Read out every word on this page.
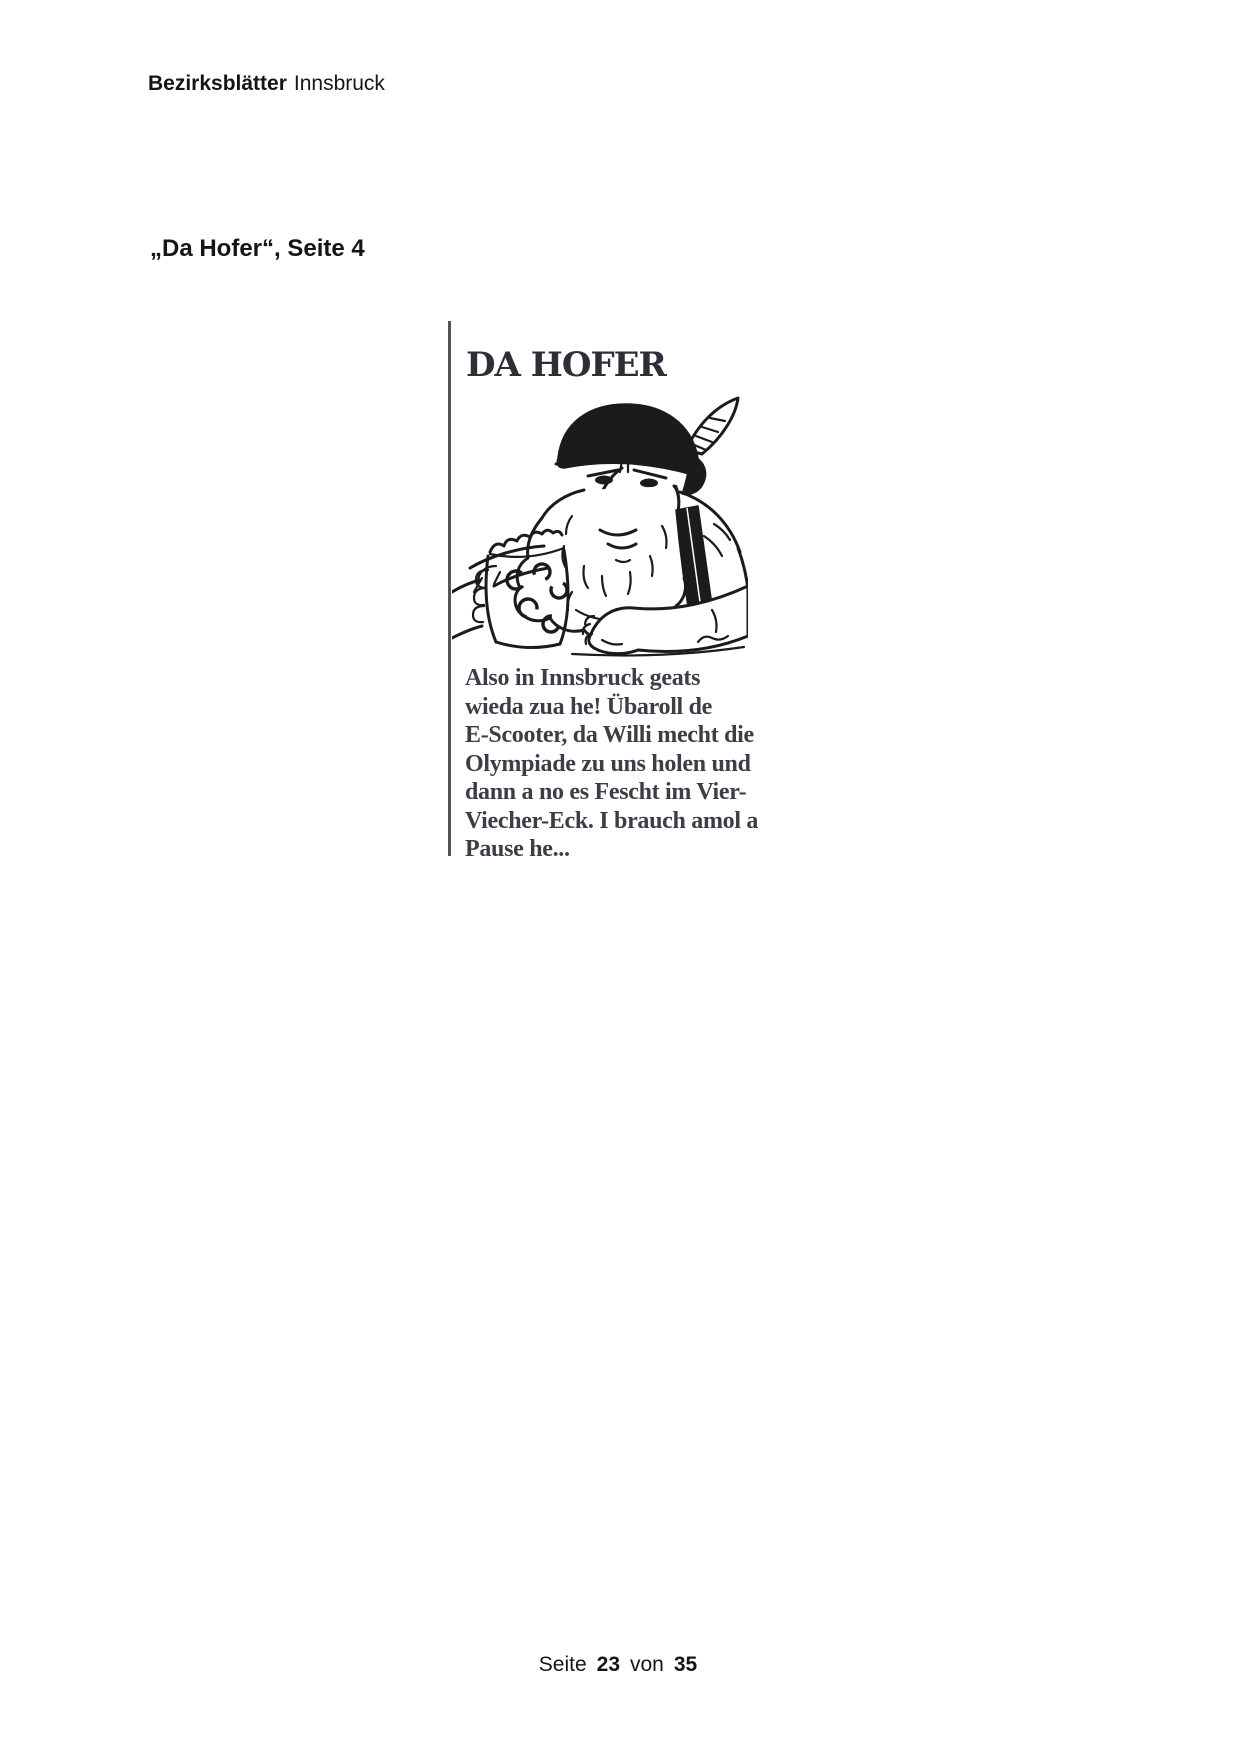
Bezirksblätter Innsbruck
„Da Hofer“, Seite 4
DA HOFER
Also in Innsbruck geats
wieda zua he! Übaroll de
E-Scooter, da Willi mecht die
Olympiade zu uns holen und
dann a no es Fescht im Vier-
Viecher-Eck. I brauch amol a
Pause he...
Seite 23 von 35
